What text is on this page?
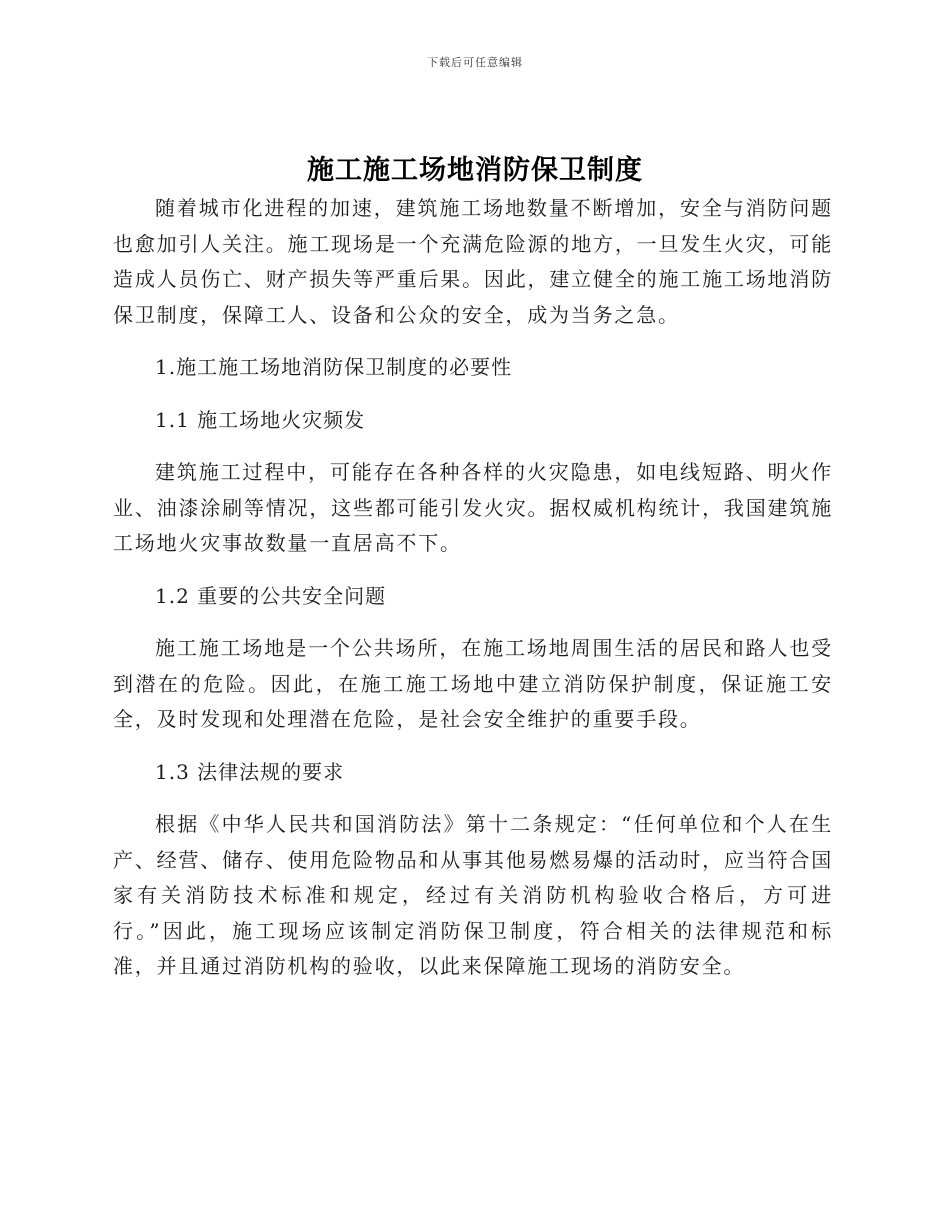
下载后可任意编辑
施工施工场地消防保卫制度

随着城市化进程的加速，建筑施工场地数量不断增加，安全与消防问题也愈加引人关注。施工现场是一个充满危险源的地方，一旦发生火灾，可能造成人员伤亡、财产损失等严重后果。因此，建立健全的施工施工场地消防保卫制度，保障工人、设备和公众的安全，成为当务之急。

1.施工施工场地消防保卫制度的必要性
1.1 施工场地火灾频发

建筑施工过程中，可能存在各种各样的火灾隐患，如电线短路、明火作业、油漆涂刷等情况，这些都可能引发火灾。据权威机构统计，我国建筑施工场地火灾事故数量一直居高不下。

1.2 重要的公共安全问题

施工施工场地是一个公共场所，在施工场地周围生活的居民和路人也受到潜在的危险。因此，在施工施工场地中建立消防保护制度，保证施工安全，及时发现和处理潜在危险，是社会安全维护的重要手段。

1.3 法律法规的要求

根据《中华人民共和国消防法》第十二条规定：“任何单位和个人在生产、经营、储存、使用危险物品和从事其他易燃易爆的活动时，应当符合国家有关消防技术标准和规定，经过有关消防机构验收合格后，方可进行。”因此，施工现场应该制定消防保卫制度，符合相关的法律规范和标准，并且通过消防机构的验收，以此来保障施工现场的消防安全。
